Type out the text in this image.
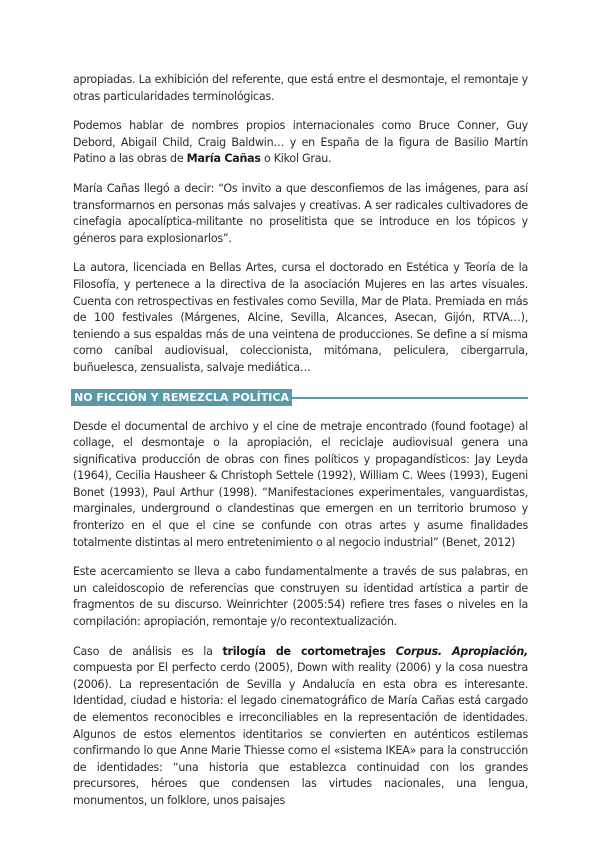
apropiadas. La exhibición del referente, que está entre el desmontaje, el remontaje y otras particularidades terminológicas.

Podemos hablar de nombres propios internacionales como Bruce Conner, Guy Debord, Abigail Child, Craig Baldwin… y en España de la figura de Basilio Martín Patino a las obras de María Cañas o Kikol Grau.

María Cañas llegó a decir: “Os invito a que desconfiemos de las imágenes, para así transformarnos en personas más salvajes y creativas. A ser radicales cultivadores de cinefagia apocalíptica-militante no proselitista que se introduce en los tópicos y géneros para explosionarlos”.

La autora, licenciada en Bellas Artes, cursa el doctorado en Estética y Teoría de la Filosofía, y pertenece a la directiva de la asociación Mujeres en las artes visuales. Cuenta con retrospectivas en festivales como Sevilla, Mar de Plata. Premiada en más de 100 festivales (Márgenes, Alcine, Sevilla, Alcances, Asecan, Gijón, RTVA…), teniendo a sus espaldas más de una veintena de producciones. Se define a sí misma como caníbal audiovisual, coleccionista, mitómana, peliculera, cibergarrula, buñuelesca, zensualista, salvaje mediática…

NO FICCIÓN Y REMEZCLA POLÍTICA

Desde el documental de archivo y el cine de metraje encontrado (found footage) al collage, el desmontaje o la apropiación, el reciclaje audiovisual genera una significativa producción de obras con fines políticos y propagandísticos: Jay Leyda (1964), Cecilia Hausheer & Christoph Settele (1992), William C. Wees (1993), Eugeni Bonet (1993), Paul Arthur (1998). “Manifestaciones experimentales, vanguardistas, marginales, underground o clandestinas que emergen en un territorio brumoso y fronterizo en el que el cine se confunde con otras artes y asume finalidades totalmente distintas al mero entretenimiento o al negocio industrial” (Benet, 2012)

Este acercamiento se lleva a cabo fundamentalmente a través de sus palabras, en un caleidoscopio de referencias que construyen su identidad artística a partir de fragmentos de su discurso. Weinrichter (2005:54) refiere tres fases o niveles en la compilación: apropiación, remontaje y/o recontextualización.

Caso de análisis es la trilogía de cortometrajes Corpus. Apropiación, compuesta por El perfecto cerdo (2005), Down with reality (2006) y la cosa nuestra (2006). La representación de Sevilla y Andalucía en esta obra es interesante. Identidad, ciudad e historia: el legado cinematográfico de María Cañas está cargado de elementos reconocibles e irreconciliables en la representación de identidades. Algunos de estos elementos identitarios se convierten en auténticos estilemas confirmando lo que Anne Marie Thiesse como el «sistema IKEA» para la construcción de identidades: “una historia que establezca continuidad con los grandes precursores, héroes que condensen las virtudes nacionales, una lengua, monumentos, un folklore, unos paisajes
